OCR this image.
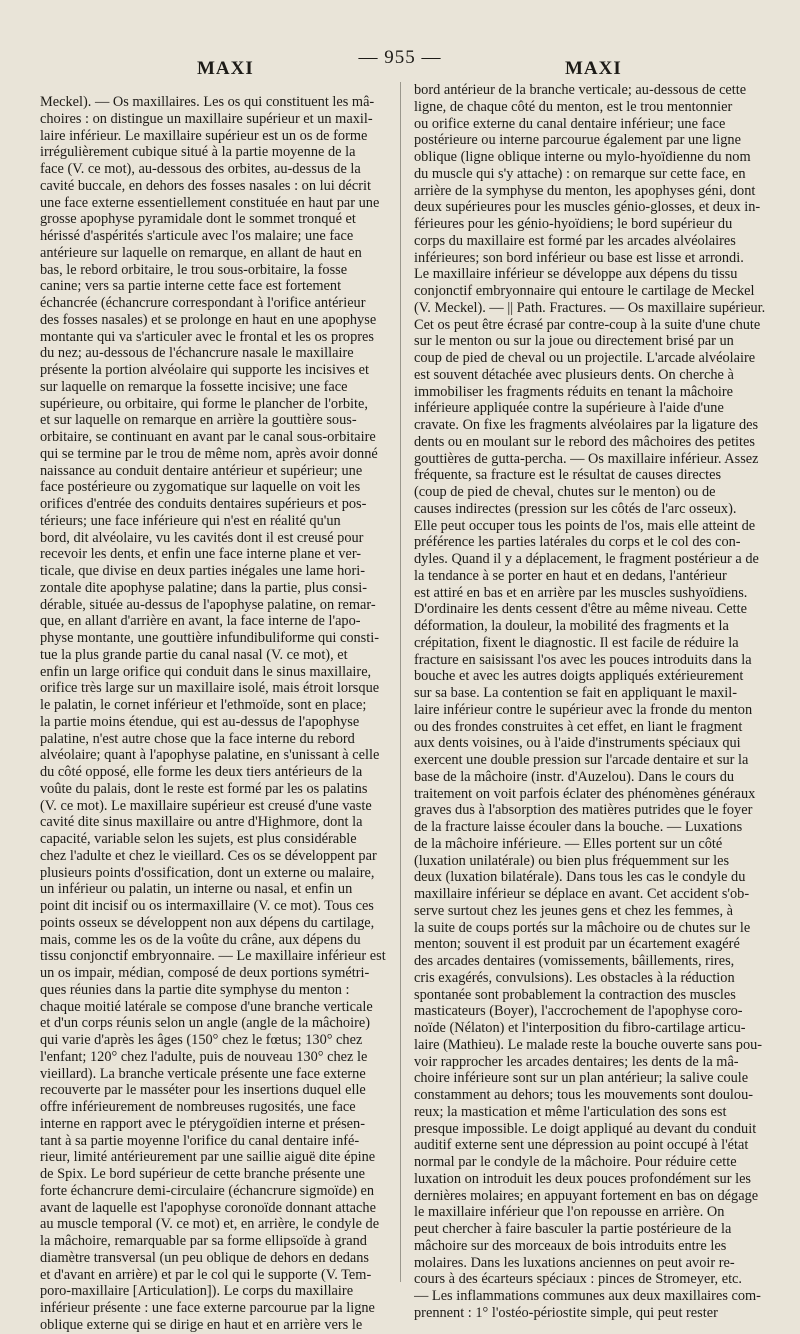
MAXI
— 955 —
MAXI
Meckel). — Os maxillaires. Les os qui constituent les mâ-
choires : on distingue un maxillaire supérieur et un maxil-
laire inférieur. Le maxillaire supérieur est un os de forme
irrégulièrement cubique situé à la partie moyenne de la
face (V. ce mot), au-dessous des orbites, au-dessus de la
cavité buccale, en dehors des fosses nasales : on lui décrit
une face externe essentiellement constituée en haut par une
grosse apophyse pyramidale dont le sommet tronqué et
hérissé d'aspérités s'articule avec l'os malaire; une face
antérieure sur laquelle on remarque, en allant de haut en
bas, le rebord orbitaire, le trou sous-orbitaire, la fosse
canine; vers sa partie interne cette face est fortement
échancrée (échancrure correspondant à l'orifice antérieur
des fosses nasales) et se prolonge en haut en une apophyse
montante qui va s'articuler avec le frontal et les os propres
du nez; au-dessous de l'échancrure nasale le maxillaire
présente la portion alvéolaire qui supporte les incisives et
sur laquelle on remarque la fossette incisive; une face
supérieure, ou orbitaire, qui forme le plancher de l'orbite,
et sur laquelle on remarque en arrière la gouttière sous-
orbitaire, se continuant en avant par le canal sous-orbitaire
qui se termine par le trou de même nom, après avoir donné
naissance au conduit dentaire antérieur et supérieur; une
face postérieure ou zygomatique sur laquelle on voit les
orifices d'entrée des conduits dentaires supérieurs et pos-
térieurs; une face inférieure qui n'est en réalité qu'un
bord, dit alvéolaire, vu les cavités dont il est creusé pour
recevoir les dents, et enfin une face interne plane et ver-
ticale, que divise en deux parties inégales une lame hori-
zontale dite apophyse palatine; dans la partie, plus consi-
dérable, située au-dessus de l'apophyse palatine, on remar-
que, en allant d'arrière en avant, la face interne de l'apo-
physe montante, une gouttière infundibuliforme qui consti-
tue la plus grande partie du canal nasal (V. ce mot), et
enfin un large orifice qui conduit dans le sinus maxillaire,
orifice très large sur un maxillaire isolé, mais étroit lorsque
le palatin, le cornet inférieur et l'ethmoïde, sont en place;
la partie moins étendue, qui est au-dessus de l'apophyse
palatine, n'est autre chose que la face interne du rebord
alvéolaire; quant à l'apophyse palatine, en s'unissant à celle
du côté opposé, elle forme les deux tiers antérieurs de la
voûte du palais, dont le reste est formé par les os palatins
(V. ce mot). Le maxillaire supérieur est creusé d'une vaste
cavité dite sinus maxillaire ou antre d'Highmore, dont la
capacité, variable selon les sujets, est plus considérable
chez l'adulte et chez le vieillard. Ces os se développent par
plusieurs points d'ossification, dont un externe ou malaire,
un inférieur ou palatin, un interne ou nasal, et enfin un
point dit incisif ou os intermaxillaire (V. ce mot). Tous ces
points osseux se développent non aux dépens du cartilage,
mais, comme les os de la voûte du crâne, aux dépens du
tissu conjonctif embryonnaire. — Le maxillaire inférieur est
un os impair, médian, composé de deux portions symétri-
ques réunies dans la partie dite symphyse du menton :
chaque moitié latérale se compose d'une branche verticale
et d'un corps réunis selon un angle (angle de la mâchoire)
qui varie d'après les âges (150° chez le fœtus; 130° chez
l'enfant; 120° chez l'adulte, puis de nouveau 130° chez le
vieillard). La branche verticale présente une face externe
recouverte par le masséter pour les insertions duquel elle
offre inférieurement de nombreuses rugosités, une face
interne en rapport avec le ptérygoïdien interne et présen-
tant à sa partie moyenne l'orifice du canal dentaire infé-
rieur, limité antérieurement par une saillie aiguë dite épine
de Spix. Le bord supérieur de cette branche présente une
forte échancrure demi-circulaire (échancrure sigmoïde) en
avant de laquelle est l'apophyse coronoïde donnant attache
au muscle temporal (V. ce mot) et, en arrière, le condyle de
la mâchoire, remarquable par sa forme ellipsoïde à grand
diamètre transversal (un peu oblique de dehors en dedans
et d'avant en arrière) et par le col qui le supporte (V. Tem-
poro-maxillaire [Articulation]). Le corps du maxillaire
inférieur présente : une face externe parcourue par la ligne
oblique externe qui se dirige en haut et en arrière vers le
bord antérieur de la branche verticale; au-dessous de cette
ligne, de chaque côté du menton, est le trou mentonnier
ou orifice externe du canal dentaire inférieur; une face
postérieure ou interne parcourue également par une ligne
oblique (ligne oblique interne ou mylo-hyoïdienne du nom
du muscle qui s'y attache) : on remarque sur cette face, en
arrière de la symphyse du menton, les apophyses géni, dont
deux supérieures pour les muscles génio-glosses, et deux in-
férieures pour les génio-hyoïdiens; le bord supérieur du
corps du maxillaire est formé par les arcades alvéolaires
inférieures; son bord inférieur ou base est lisse et arrondi.
Le maxillaire inférieur se développe aux dépens du tissu
conjonctif embryonnaire qui entoure le cartilage de Meckel
(V. Meckel). — || Path. Fractures. — Os maxillaire supérieur.
Cet os peut être écrasé par contre-coup à la suite d'une chute
sur le menton ou sur la joue ou directement brisé par un
coup de pied de cheval ou un projectile. L'arcade alvéolaire
est souvent détachée avec plusieurs dents. On cherche à
immobiliser les fragments réduits en tenant la mâchoire
inférieure appliquée contre la supérieure à l'aide d'une
cravate. On fixe les fragments alvéolaires par la ligature des
dents ou en moulant sur le rebord des mâchoires des petites
gouttières de gutta-percha. — Os maxillaire inférieur. Assez
fréquente, sa fracture est le résultat de causes directes
(coup de pied de cheval, chutes sur le menton) ou de
causes indirectes (pression sur les côtés de l'arc osseux).
Elle peut occuper tous les points de l'os, mais elle atteint de
préférence les parties latérales du corps et le col des con-
dyles. Quand il y a déplacement, le fragment postérieur a de
la tendance à se porter en haut et en dedans, l'antérieur
est attiré en bas et en arrière par les muscles sushyoïdiens.
D'ordinaire les dents cessent d'être au même niveau. Cette
déformation, la douleur, la mobilité des fragments et la
crépitation, fixent le diagnostic. Il est facile de réduire la
fracture en saisissant l'os avec les pouces introduits dans la
bouche et avec les autres doigts appliqués extérieurement
sur sa base. La contention se fait en appliquant le maxil-
laire inférieur contre le supérieur avec la fronde du menton
ou des frondes construites à cet effet, en liant le fragment
aux dents voisines, ou à l'aide d'instruments spéciaux qui
exercent une double pression sur l'arcade dentaire et sur la
base de la mâchoire (instr. d'Auzelou). Dans le cours du
traitement on voit parfois éclater des phénomènes généraux
graves dus à l'absorption des matières putrides que le foyer
de la fracture laisse écouler dans la bouche. — Luxations
de la mâchoire inférieure. — Elles portent sur un côté
(luxation unilatérale) ou bien plus fréquemment sur les
deux (luxation bilatérale). Dans tous les cas le condyle du
maxillaire inférieur se déplace en avant. Cet accident s'ob-
serve surtout chez les jeunes gens et chez les femmes, à
la suite de coups portés sur la mâchoire ou de chutes sur le
menton; souvent il est produit par un écartement exagéré
des arcades dentaires (vomissements, bâillements, rires,
cris exagérés, convulsions). Les obstacles à la réduction
spontanée sont probablement la contraction des muscles
masticateurs (Boyer), l'accrochement de l'apophyse coro-
noïde (Nélaton) et l'interposition du fibro-cartilage articu-
laire (Mathieu). Le malade reste la bouche ouverte sans pou-
voir rapprocher les arcades dentaires; les dents de la mâ-
choire inférieure sont sur un plan antérieur; la salive coule
constamment au dehors; tous les mouvements sont doulou-
reux; la mastication et même l'articulation des sons est
presque impossible. Le doigt appliqué au devant du conduit
auditif externe sent une dépression au point occupé à l'état
normal par le condyle de la mâchoire. Pour réduire cette
luxation on introduit les deux pouces profondément sur les
dernières molaires; en appuyant fortement en bas on dégage
le maxillaire inférieur que l'on repousse en arrière. On
peut chercher à faire basculer la partie postérieure de la
mâchoire sur des morceaux de bois introduits entre les
molaires. Dans les luxations anciennes on peut avoir re-
cours à des écarteurs spéciaux : pinces de Stromeyer, etc.
— Les inflammations communes aux deux maxillaires com-
prennent : 1° l'ostéo-périostite simple, qui peut rester
